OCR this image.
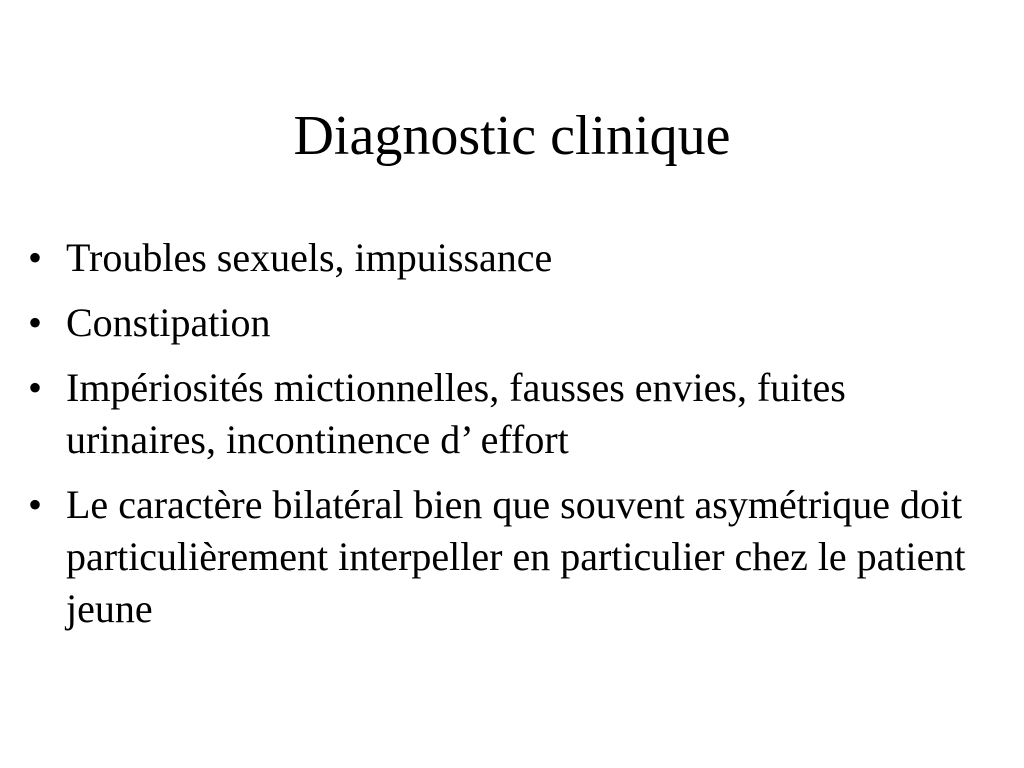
Diagnostic clinique
• Troubles sexuels, impuissance
• Constipation
• Impériosités mictionnelles, fausses envies, fuites urinaires, incontinence d’ effort
• Le caractère bilatéral bien que souvent asymétrique doit particulièrement interpeller en particulier chez le patient jeune
